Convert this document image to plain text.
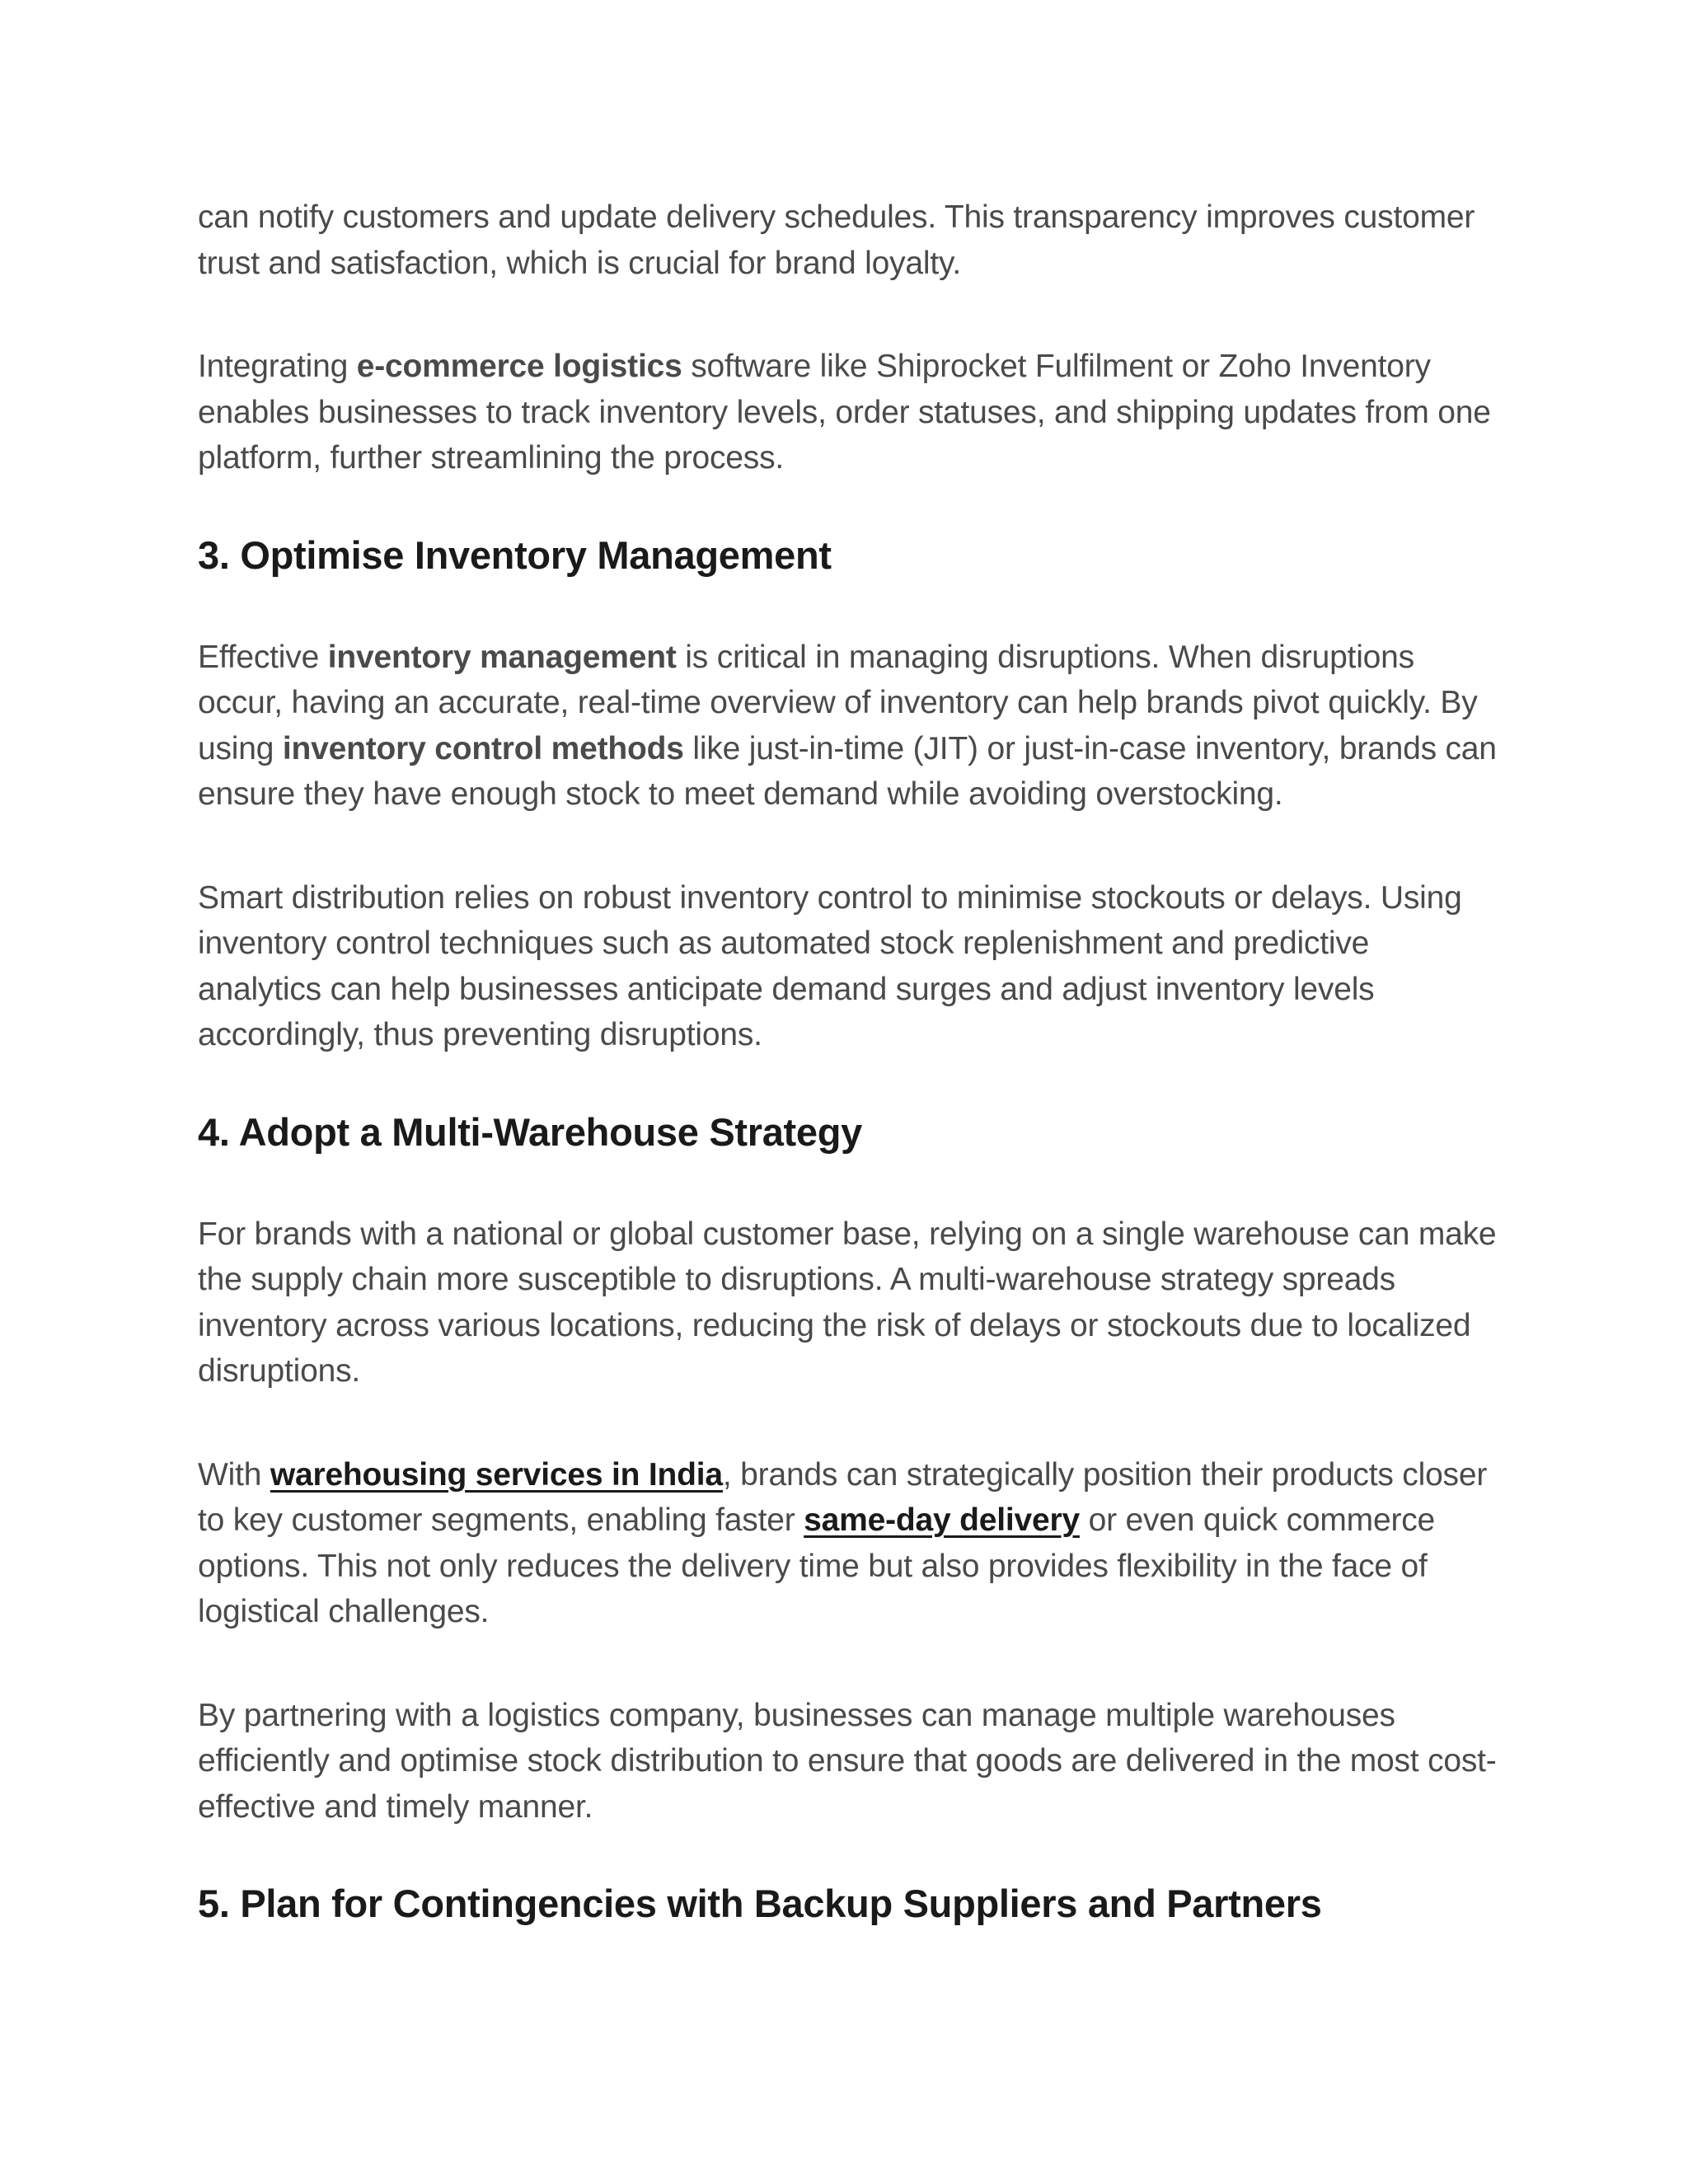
can notify customers and update delivery schedules. This transparency improves customer trust and satisfaction, which is crucial for brand loyalty.

Integrating e-commerce logistics software like Shiprocket Fulfilment or Zoho Inventory enables businesses to track inventory levels, order statuses, and shipping updates from one platform, further streamlining the process.

3. Optimise Inventory Management

Effective inventory management is critical in managing disruptions. When disruptions occur, having an accurate, real-time overview of inventory can help brands pivot quickly. By using inventory control methods like just-in-time (JIT) or just-in-case inventory, brands can ensure they have enough stock to meet demand while avoiding overstocking.

Smart distribution relies on robust inventory control to minimise stockouts or delays. Using inventory control techniques such as automated stock replenishment and predictive analytics can help businesses anticipate demand surges and adjust inventory levels accordingly, thus preventing disruptions.

4. Adopt a Multi-Warehouse Strategy

For brands with a national or global customer base, relying on a single warehouse can make the supply chain more susceptible to disruptions. A multi-warehouse strategy spreads inventory across various locations, reducing the risk of delays or stockouts due to localized disruptions.

With warehousing services in India, brands can strategically position their products closer to key customer segments, enabling faster same-day delivery or even quick commerce options. This not only reduces the delivery time but also provides flexibility in the face of logistical challenges.

By partnering with a logistics company, businesses can manage multiple warehouses efficiently and optimise stock distribution to ensure that goods are delivered in the most cost-effective and timely manner.

5. Plan for Contingencies with Backup Suppliers and Partners
